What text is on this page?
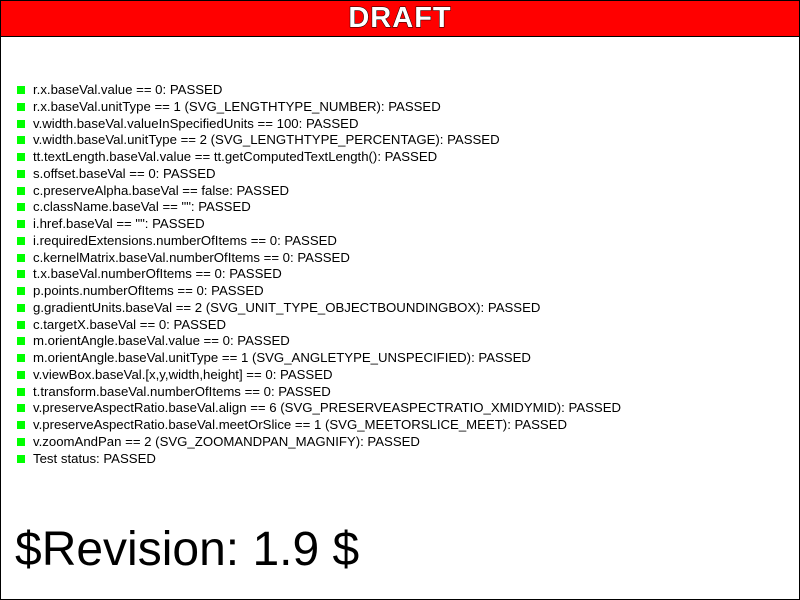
DRAFT
r.x.baseVal.value == 0: PASSED
r.x.baseVal.unitType == 1 (SVG_LENGTHTYPE_NUMBER): PASSED
v.width.baseVal.valueInSpecifiedUnits == 100: PASSED
v.width.baseVal.unitType == 2 (SVG_LENGTHTYPE_PERCENTAGE): PASSED
tt.textLength.baseVal.value == tt.getComputedTextLength(): PASSED
s.offset.baseVal == 0: PASSED
c.preserveAlpha.baseVal == false: PASSED
c.className.baseVal == "": PASSED
i.href.baseVal == "": PASSED
i.requiredExtensions.numberOfItems == 0: PASSED
c.kernelMatrix.baseVal.numberOfItems == 0: PASSED
t.x.baseVal.numberOfItems == 0: PASSED
p.points.numberOfItems == 0: PASSED
g.gradientUnits.baseVal == 2 (SVG_UNIT_TYPE_OBJECTBOUNDINGBOX): PASSED
c.targetX.baseVal == 0: PASSED
m.orientAngle.baseVal.value == 0: PASSED
m.orientAngle.baseVal.unitType == 1 (SVG_ANGLETYPE_UNSPECIFIED): PASSED
v.viewBox.baseVal.[x,y,width,height] == 0: PASSED
t.transform.baseVal.numberOfItems == 0: PASSED
v.preserveAspectRatio.baseVal.align == 6 (SVG_PRESERVEASPECTRATIO_XMIDYMID): PASSED
v.preserveAspectRatio.baseVal.meetOrSlice == 1 (SVG_MEETORSLICE_MEET): PASSED
v.zoomAndPan == 2 (SVG_ZOOMANDPAN_MAGNIFY): PASSED
Test status: PASSED
$Revision: 1.9 $
